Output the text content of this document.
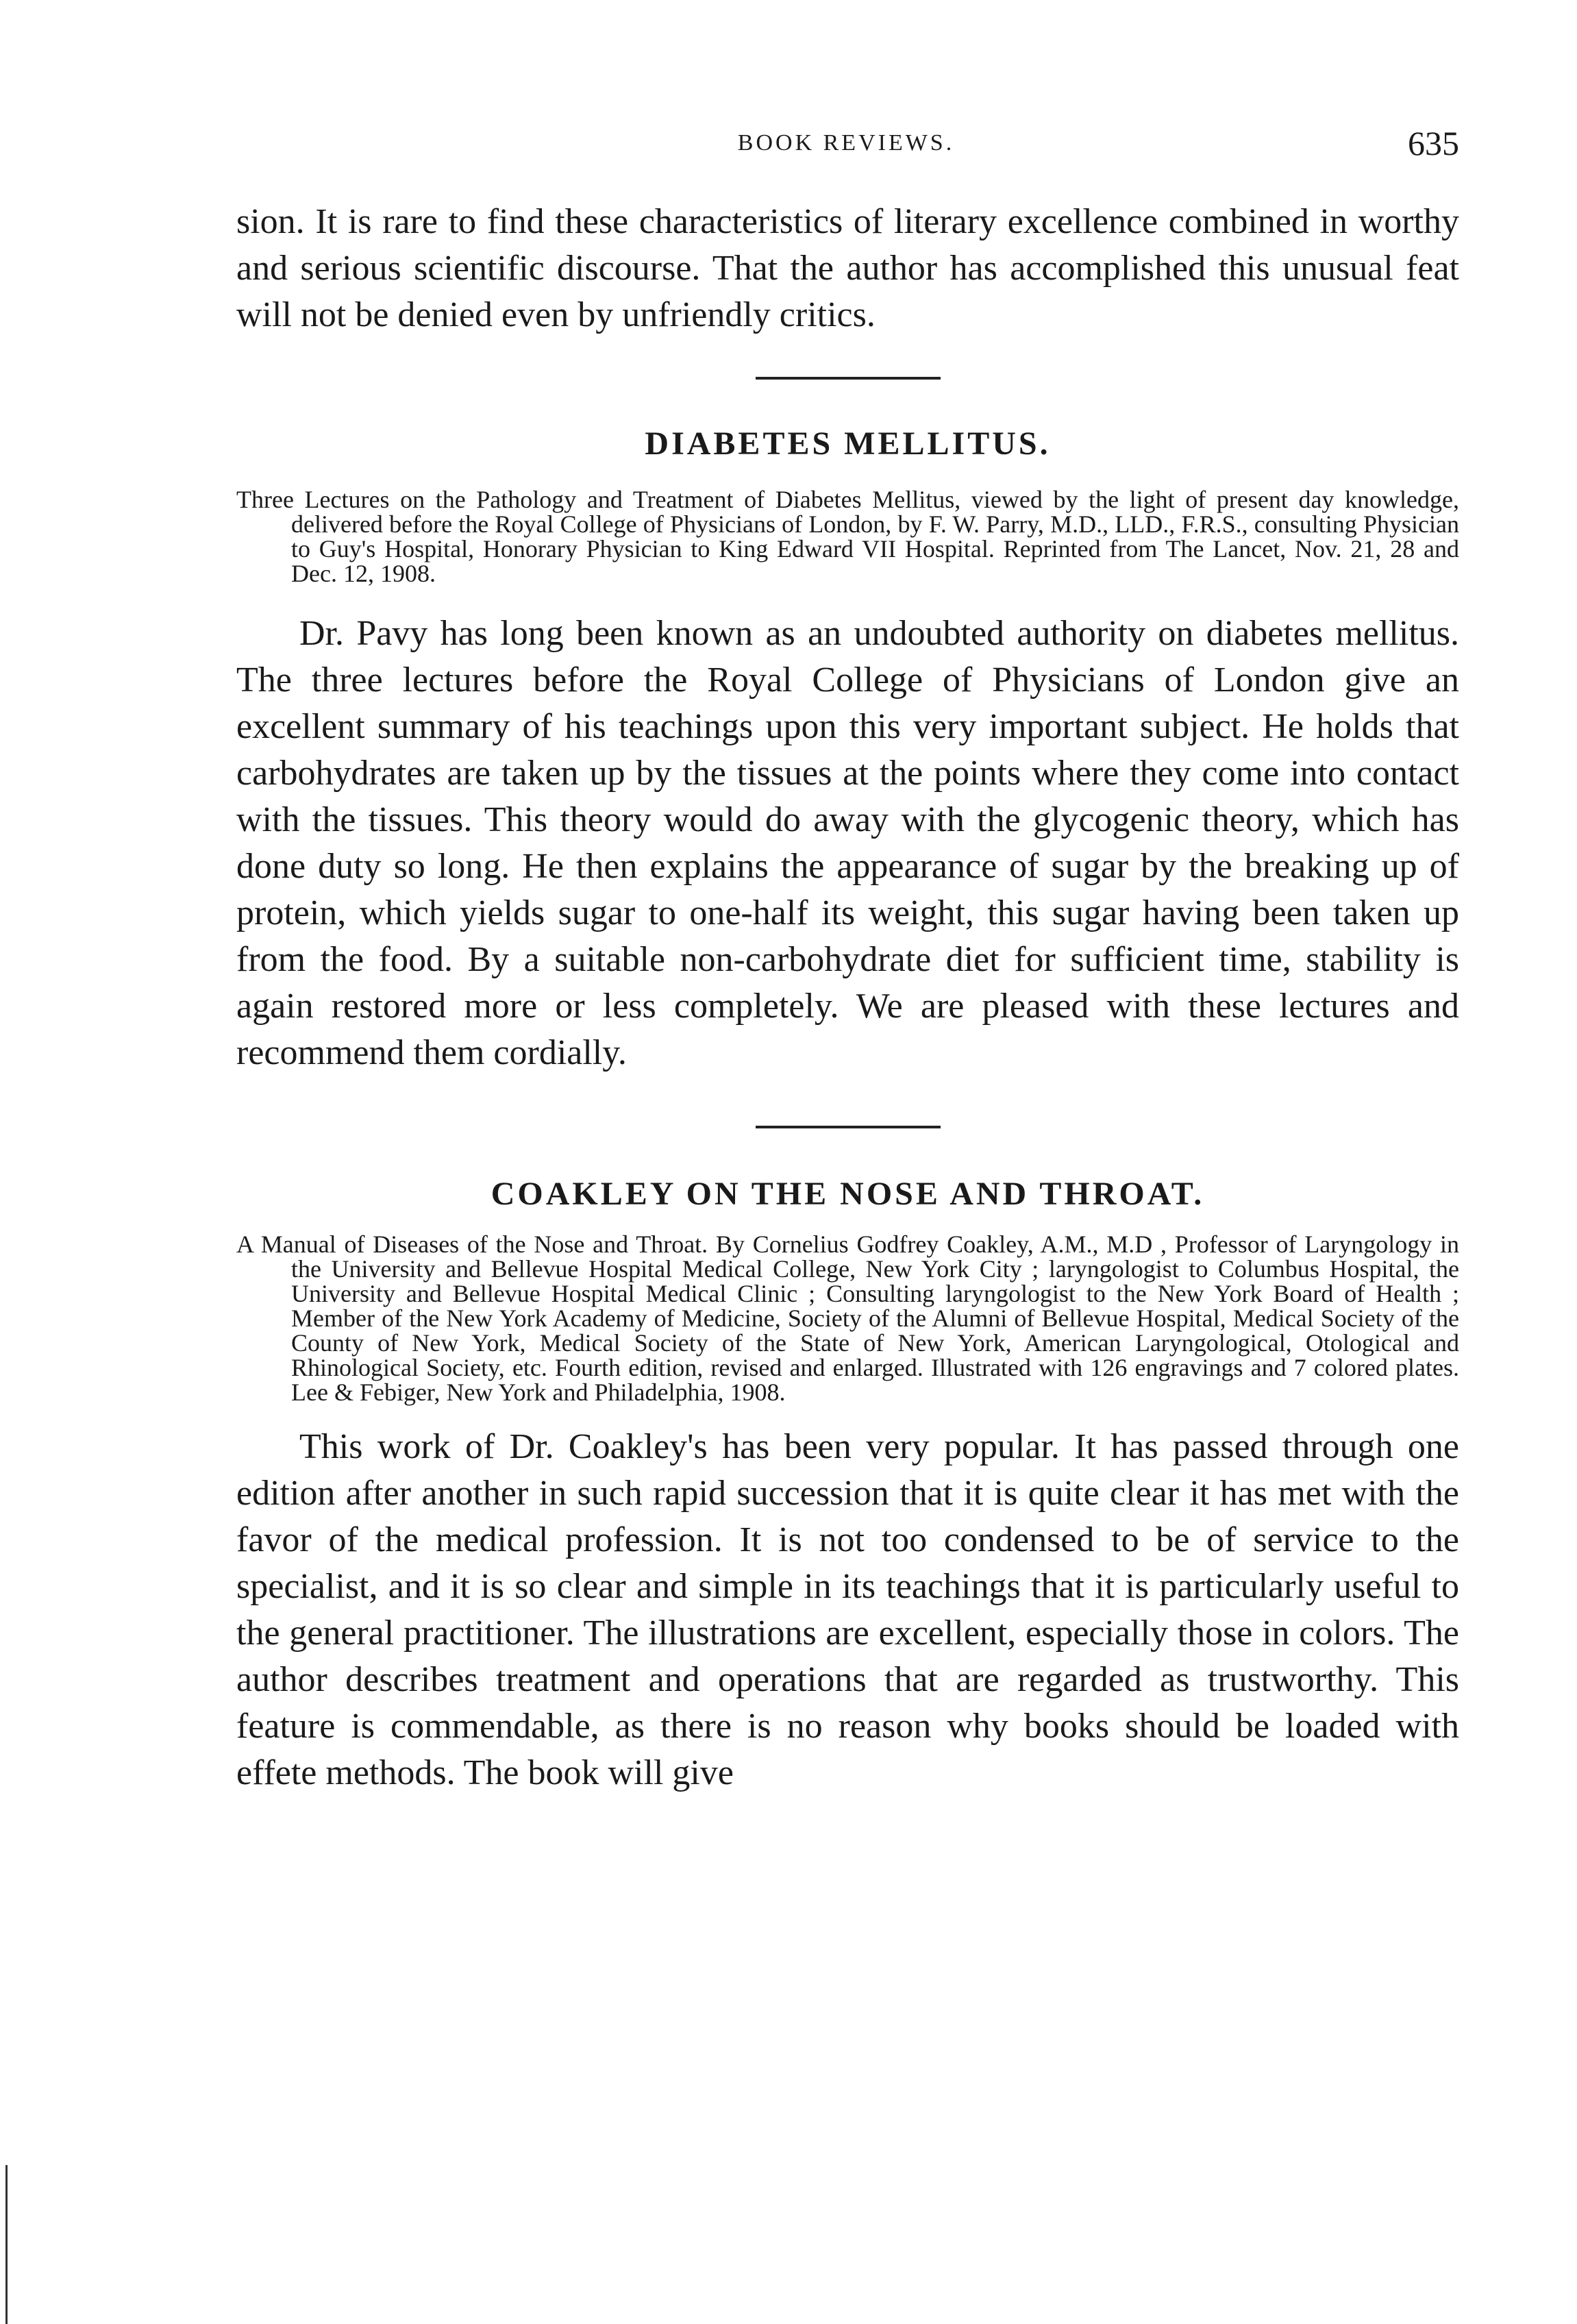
BOOK REVIEWS.	635

sion. It is rare to find these characteristics of literary excellence combined in worthy and serious scientific discourse. That the author has accomplished this unusual feat will not be denied even by unfriendly critics.

DIABETES MELLITUS.

Three Lectures on the Pathology and Treatment of Diabetes Mellitus, viewed by the light of present day knowledge, delivered before the Royal College of Physicians of London, by F. W. Parry, M.D., LLD., F.R.S., consulting Physician to Guy's Hospital, Honorary Physician to King Edward VII Hospital. Reprinted from The Lancet, Nov. 21, 28 and Dec. 12, 1908.

Dr. Pavy has long been known as an undoubted authority on diabetes mellitus. The three lectures before the Royal College of Physicians of London give an excellent summary of his teachings upon this very important subject. He holds that carbohydrates are taken up by the tissues at the points where they come into contact with the tissues. This theory would do away with the glycogenic theory, which has done duty so long. He then explains the appearance of sugar by the breaking up of protein, which yields sugar to one-half its weight, this sugar having been taken up from the food. By a suitable non-carbohydrate diet for sufficient time, stability is again restored more or less completely. We are pleased with these lectures and recommend them cordially.

COAKLEY ON THE NOSE AND THROAT.

A Manual of Diseases of the Nose and Throat. By Cornelius Godfrey Coakley, A.M., M.D , Professor of Laryngology in the University and Bellevue Hospital Medical College, New York City ; laryngologist to Columbus Hospital, the University and Bellevue Hospital Medical Clinic ; Consulting laryngologist to the New York Board of Health ; Member of the New York Academy of Medicine, Society of the Alumni of Bellevue Hospital, Medical Society of the County of New York, Medical Society of the State of New York, American Laryngological, Otological and Rhinological Society, etc. Fourth edition, revised and enlarged. Illustrated with 126 engravings and 7 colored plates. Lee & Febiger, New York and Philadelphia, 1908.

This work of Dr. Coakley's has been very popular. It has passed through one edition after another in such rapid succession that it is quite clear it has met with the favor of the medical profession. It is not too condensed to be of service to the specialist, and it is so clear and simple in its teachings that it is particularly useful to the general practitioner. The illustrations are excellent, especially those in colors. The author describes treatment and operations that are regarded as trustworthy. This feature is commendable, as there is no reason why books should be loaded with effete methods. The book will give
